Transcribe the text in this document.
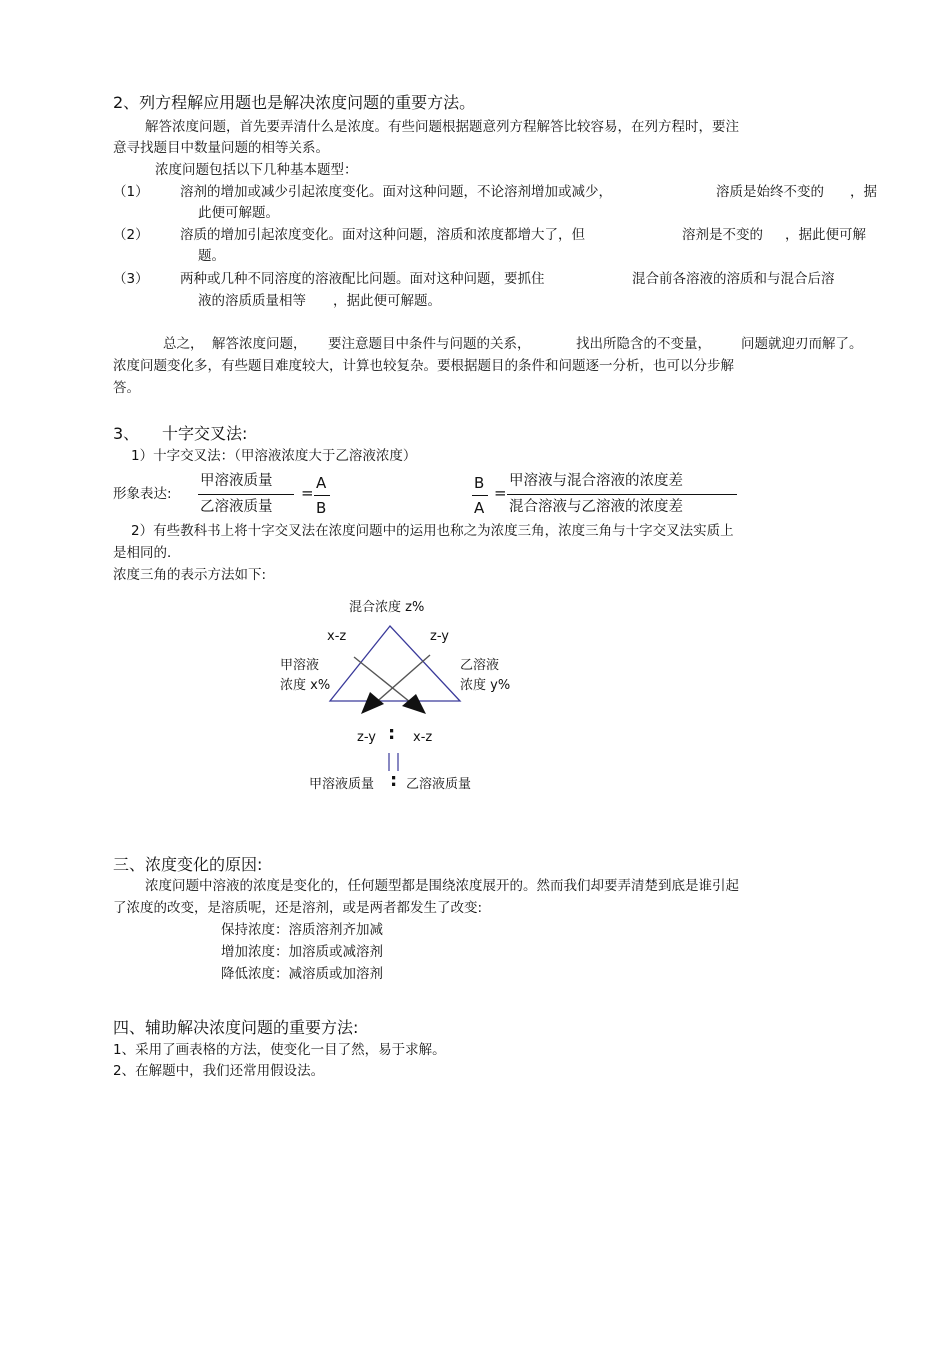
2、列方程解应用题也是解决浓度问题的重要方法。
解答浓度问题，首先要弄清什么是浓度。有些问题根据题意列方程解答比较容易，在列方程时，要注
意寻找题目中数量问题的相等关系。
浓度问题包括以下几种基本题型：
（1） 溶剂的增加或减少引起浓度变化。面对这种问题，不论溶剂增加或减少，	溶质是始终不变的 ，据
此便可解题。
（2） 溶质的增加引起浓度变化。面对这种问题，溶质和浓度都增大了，但	溶剂是不变的 ，据此便可解
题。
（3） 两种或几种不同溶度的溶液配比问题。面对这种问题，要抓住	混合前各溶液的溶质和与混合后溶
液的溶质质量相等 ，据此便可解题。
总之， 解答浓度问题， 要注意题目中条件与问题的关系，	找出所隐含的不变量， 问题就迎刃而解了。
浓度问题变化多，有些题目难度较大，计算也较复杂。要根据题目的条件和问题逐一分析，也可以分步解
答。
3、 十字交叉法:
1）十字交叉法：（甲溶液浓度大于乙溶液浓度）
形象表达:
甲溶液质量
乙溶液质量
=
A
B
B
A
=
甲溶液与混合溶液的浓度差
混合溶液与乙溶液的浓度差
2）有些教科书上将十字交叉法在浓度问题中的运用也称之为浓度三角，浓度三角与十字交叉法实质上
是相同的．
浓度三角的表示方法如下:
混合浓度 z%
x-z	z-y
甲溶液
浓度 x%
乙溶液
浓度 y%
z-y : x-z
甲溶液质量 : 乙溶液质量
三、浓度变化的原因:
浓度问题中溶液的浓度是变化的，任何题型都是围绕浓度展开的。然而我们却要弄清楚到底是谁引起
了浓度的改变，是溶质呢，还是溶剂，或是两者都发生了改变:
保持浓度：溶质溶剂齐加减
增加浓度：加溶质或减溶剂
降低浓度：减溶质或加溶剂
四、辅助解决浓度问题的重要方法:
1、采用了画表格的方法，使变化一目了然，易于求解。
2、在解题中，我们还常用假设法。
